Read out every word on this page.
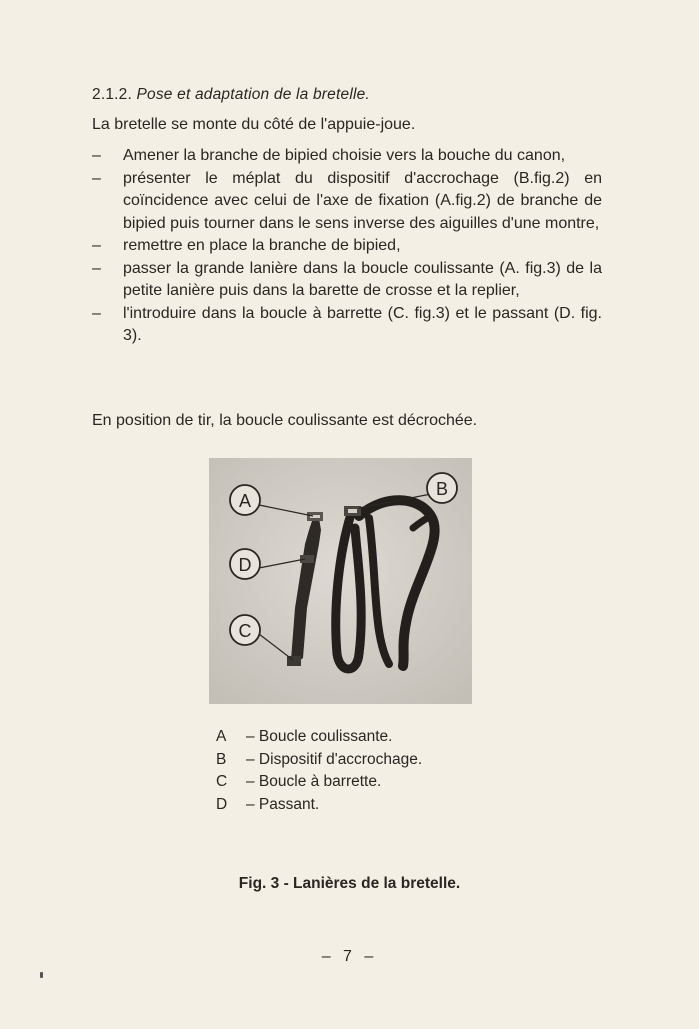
2.1.2. Pose et adaptation de la bretelle.
La bretelle se monte du côté de l'appuie-joue.
– Amener la branche de bipied choisie vers la bouche du canon,
– présenter le méplat du dispositif d'accrochage (B.fig.2) en coïncidence avec celui de l'axe de fixation (A.fig.2) de branche de bipied puis tourner dans le sens inverse des aiguilles d'une montre,
– remettre en place la branche de bipied,
– passer la grande lanière dans la boucle coulissante (A. fig.3) de la petite lanière puis dans la barette de crosse et la replier,
– l'introduire dans la boucle à barrette (C. fig.3) et le passant (D. fig. 3).
En position de tir, la boucle coulissante est décrochée.
A
B
D
C
A – Boucle coulissante.
B – Dispositif d'accrochage.
C – Boucle à barrette.
D – Passant.
Fig. 3 - Lanières de la bretelle.
– 7 –
